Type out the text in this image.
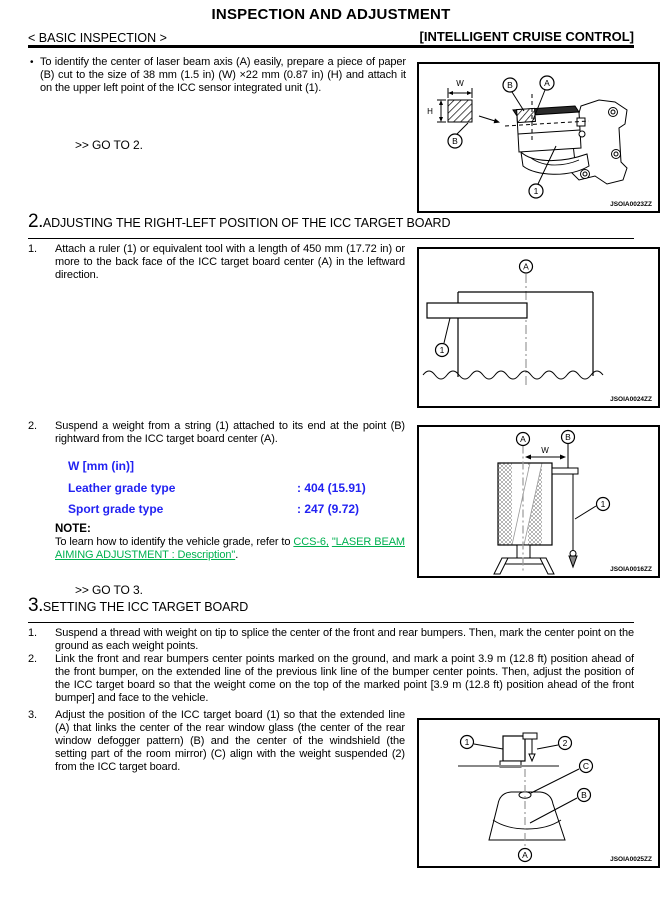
INSPECTION AND ADJUSTMENT
< BASIC INSPECTION >	[INTELLIGENT CRUISE CONTROL]
• To identify the center of laser beam axis (A) easily, prepare a piece of paper (B) cut to the size of 38 mm (1.5 in) (W) ×22 mm (0.87 in) (H) and attach it on the upper left point of the ICC sensor integrated unit (1).
>> GO TO 2.
W
H
B
B	A
1
JSOIA0023ZZ
2.ADJUSTING THE RIGHT-LEFT POSITION OF THE ICC TARGET BOARD
1. Attach a ruler (1) or equivalent tool with a length of 450 mm (17.72 in) or more to the back face of the ICC target board center (A) in the leftward direction.
A
1
JSOIA0024ZZ
2. Suspend a weight from a string (1) attached to its end at the point (B) rightward from the ICC target board center (A).
W [mm (in)]
Leather grade type	: 404 (15.91)
Sport grade type	: 247 (9.72)
NOTE:
To learn how to identify the vehicle grade, refer to CCS-6, "LASER BEAM AIMING ADJUSTMENT : Description".
>> GO TO 3.
W
A	B
1
JSOIA0016ZZ
3.SETTING THE ICC TARGET BOARD
1. Suspend a thread with weight on tip to splice the center of the front and rear bumpers. Then, mark the center point on the ground as each weight points.
2. Link the front and rear bumpers center points marked on the ground, and mark a point 3.9 m (12.8 ft) position ahead of the front bumper, on the extended line of the previous link line of the bumper center points. Then, adjust the position of the ICC target board so that the weight come on the top of the marked point [3.9 m (12.8 ft) position ahead of the front bumper] and face to the vehicle.
3. Adjust the position of the ICC target board (1) so that the extended line (A) that links the center of the rear window glass (the center of the rear window defogger pattern) (B) and the center of the windshield (the setting part of the room mirror) (C) align with the weight suspended (2) from the ICC target board.
1	2
C
B
A	JSOIA0025ZZ
